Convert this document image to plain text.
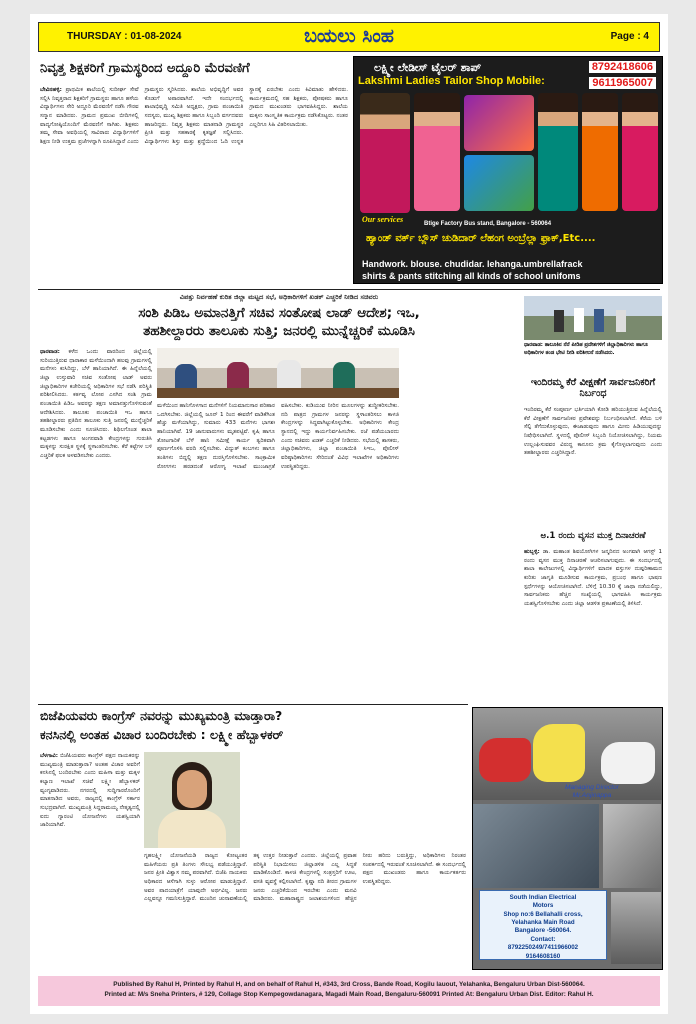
THURSDAY : 01-08-2024	ಬಯಲು ಸಿಂಹ	Page : 4
ನಿವೃತ್ತ ಶಿಕ್ಷಕರಿಗೆ ಗ್ರಾಮಸ್ಥರಿಂದ ಅದ್ದೂರಿ ಮೆರವಣಿಗೆ
ಬೇವಿನಹಳ್ಳಿ: ಪ್ರಾಥಮಿಕ ಶಾಲೆಯಲ್ಲಿ ಸುದೀರ್ಘ ಸೇವೆ ಸಲ್ಲಿಸಿ ನಿವೃತ್ತರಾದ ಶಿಕ್ಷಕರಿಗೆ ಗ್ರಾಮಸ್ಥರು ಹಾಗೂ ಹಳೆಯ ವಿದ್ಯಾರ್ಥಿಗಳು ಸೇರಿ ಅದ್ದೂರಿ ಮೆರವಣಿಗೆ ನಡೆಸಿ ಗೌರವ ಸನ್ಮಾನ ಮಾಡಿದರು. ಗ್ರಾಮದ ಪ್ರಮುಖ ಬೀದಿಗಳಲ್ಲಿ ವಾದ್ಯಗೋಷ್ಠಿಯೊಂದಿಗೆ ಮೆರವಣಿಗೆ ಸಾಗಿತು. ಶಿಕ್ಷಕರು ತಮ್ಮ ಸೇವಾ ಅವಧಿಯಲ್ಲಿ ಸಾವಿರಾರು ವಿದ್ಯಾರ್ಥಿಗಳಿಗೆ ಶಿಕ್ಷಣ ನೀಡಿ ಉತ್ತಮ ಪ್ರಜೆಗಳನ್ನಾಗಿ ರೂಪಿಸಿದ್ದಾರೆ ಎಂದು ಗ್ರಾಮಸ್ಥರು ಸ್ಮರಿಸಿದರು. ಶಾಲೆಯ ಅಭಿವೃದ್ಧಿಗೆ ಅವರ ಕೊಡುಗೆ ಅಪಾರವಾಗಿದೆ. ಇದೇ ಸಂದರ್ಭದಲ್ಲಿ ಶಾಲಾಭಿವೃದ್ಧಿ ಸಮಿತಿ ಅಧ್ಯಕ್ಷರು, ಗ್ರಾಮ ಪಂಚಾಯಿತಿ ಸದಸ್ಯರು, ಮುಖ್ಯ ಶಿಕ್ಷಕರು ಹಾಗೂ ಸಿಬ್ಬಂದಿ ವರ್ಗದವರು ಹಾಜರಿದ್ದರು. ನಿವೃತ್ತ ಶಿಕ್ಷಕರು ಮಾತನಾಡಿ ಗ್ರಾಮಸ್ಥರ ಪ್ರೀತಿ ಮತ್ತು ಸಹಕಾರಕ್ಕೆ ಕೃತಜ್ಞತೆ ಸಲ್ಲಿಸಿದರು. ವಿದ್ಯಾರ್ಥಿಗಳು ಶಿಸ್ತು ಮತ್ತು ಶ್ರದ್ಧೆಯಿಂದ ಓದಿ ಉನ್ನತ ಸ್ಥಾನಕ್ಕೆ ಏರಬೇಕು ಎಂದು ಕಿವಿಮಾತು ಹೇಳಿದರು. ಕಾರ್ಯಕ್ರಮದಲ್ಲಿ ಸಹ ಶಿಕ್ಷಕರು, ಪೋಷಕರು ಹಾಗೂ ಗ್ರಾಮದ ಮುಖಂಡರು ಭಾಗವಹಿಸಿದ್ದರು. ಶಾಲೆಯ ಮಕ್ಕಳು ಸಾಂಸ್ಕೃತಿಕ ಕಾರ್ಯಕ್ರಮ ನಡೆಸಿಕೊಟ್ಟರು. ನಂತರ ಎಲ್ಲರಿಗೂ ಸಿಹಿ ವಿತರಿಸಲಾಯಿತು.
ಲಕ್ಷ್ಮೀ ಲೇಡೀಸ್ ಟೈಲರ್ ಶಾಪ್
Lakshmi Ladies Tailor Shop Mobile:
8792418606
9611965007
Our services	Btige Factory Bus stand, Bangalore - 560064
ಹ್ಯಾಂಡ್ ವರ್ಕ್ ಬ್ಲೌಸ್ ಚುಡಿದಾರ್ ಲೆಹಂಗ ಅಂಬ್ರೆಲ್ಲಾ ಫ್ರಾಕ್,Etc....
Handwork. blouse. chudidar. lehanga.umbrellafrack
shirts & pants stitching all kinds of school unifoms
ವಿಪತ್ತು ನಿರ್ವಹಣೆ ಕುರಿತ ಜಿಲ್ಲಾ ಮಟ್ಟದ ಸಭೆ, ಅಧಿಕಾರಿಗಳಿಗೆ ಖಡಕ್ ಎಚ್ಚರಿಕೆ ನೀಡಿದ ಸಚಿವರು
ಸಂಶಿ ಪಿಡಿಒ ಅಮಾನತ್ತಿಗೆ ಸಚಿವ ಸಂತೋಷ ಲಾಡ್ ಆದೇಶ; ಇಒ,
ತಹಶೀಲ್ದಾರರು ತಾಲೂಕು ಸುತ್ತಿ; ಜನರಲ್ಲಿ ಮುನ್ನೆಚ್ಚರಿಕೆ ಮೂಡಿಸಿ
ಧಾರವಾಡ: ಕಳೆದ ಒಂದು ವಾರದಿಂದ ಜಿಲ್ಲೆಯಲ್ಲಿ ಸುರಿಯುತ್ತಿರುವ ಧಾರಾಕಾರ ಮಳೆಯಿಂದಾಗಿ ಹಲವು ಗ್ರಾಮಗಳಲ್ಲಿ ಮನೆಗಳು ಕುಸಿದಿದ್ದು, ಬೆಳೆ ಹಾನಿಯಾಗಿದೆ. ಈ ಹಿನ್ನೆಲೆಯಲ್ಲಿ ಜಿಲ್ಲಾ ಉಸ್ತುವಾರಿ ಸಚಿವ ಸಂತೋಷ ಲಾಡ್ ಅವರು ಜಿಲ್ಲಾಧಿಕಾರಿಗಳ ಕಚೇರಿಯಲ್ಲಿ ಅಧಿಕಾರಿಗಳ ಸಭೆ ನಡೆಸಿ ಪರಿಸ್ಥಿತಿ ಪರಿಶೀಲಿಸಿದರು. ಕರ್ತವ್ಯ ಲೋಪ ಎಸಗಿದ ಸಂಶಿ ಗ್ರಾಮ ಪಂಚಾಯಿತಿ ಪಿಡಿಒ ಅವರನ್ನು ತಕ್ಷಣ ಅಮಾನತ್ತುಗೊಳಿಸುವಂತೆ ಆದೇಶಿಸಿದರು. ತಾಲೂಕು ಪಂಚಾಯಿತಿ ಇಒ ಹಾಗೂ ತಹಶೀಲ್ದಾರರು ಪ್ರತಿದಿನ ತಾಲೂಕು ಸುತ್ತಿ ಜನರಲ್ಲಿ ಮುನ್ನೆಚ್ಚರಿಕೆ ಮೂಡಿಸಬೇಕು ಎಂದು ಸೂಚಿಸಿದರು. ಶಿಥಿಲಗೊಂಡ ಶಾಲಾ ಕಟ್ಟಡಗಳು ಹಾಗೂ ಅಂಗನವಾಡಿ ಕೇಂದ್ರಗಳನ್ನು ಗುರುತಿಸಿ ಮಕ್ಕಳನ್ನು ಸುರಕ್ಷಿತ ಸ್ಥಳಕ್ಕೆ ಸ್ಥಳಾಂತರಿಸಬೇಕು. ಕೆರೆ ಕಟ್ಟೆಗಳ ಬಳಿ ಎಚ್ಚರಿಕೆ ಫಲಕ ಅಳವಡಿಸಬೇಕು ಎಂದರು.
ಮಳೆಯಿಂದ ಹಾನಿಗೊಳಗಾದ ಮನೆಗಳಿಗೆ ನಿಯಮಾನುಸಾರ ಪರಿಹಾರ ಒದಗಿಸಬೇಕು. ಜಿಲ್ಲೆಯಲ್ಲಿ ಜೂನ್ 1 ರಿಂದ ಈವರೆಗೆ ವಾಡಿಕೆಗಿಂತ ಹೆಚ್ಚು ಮಳೆಯಾಗಿದ್ದು, ಸುಮಾರು 433 ಮನೆಗಳು ಭಾಗಶಃ ಹಾನಿಯಾಗಿವೆ. 19 ಜಾನುವಾರುಗಳು ಮೃತಪಟ್ಟಿವೆ. ಕೃಷಿ ಹಾಗೂ ತೋಟಗಾರಿಕೆ ಬೆಳೆ ಹಾನಿ ಸಮೀಕ್ಷೆ ಕಾರ್ಯ ತ್ವರಿತವಾಗಿ ಪೂರ್ಣಗೊಳಿಸಿ ವರದಿ ಸಲ್ಲಿಸಬೇಕು. ವಿದ್ಯುತ್ ಕಂಬಗಳು ಹಾಗೂ ತಂತಿಗಳು ಬಿದ್ದಲ್ಲಿ ತಕ್ಷಣ ದುರಸ್ತಿಗೊಳಿಸಬೇಕು. ಸಾಂಕ್ರಾಮಿಕ ರೋಗಗಳು ಹರಡದಂತೆ ಆರೋಗ್ಯ ಇಲಾಖೆ ಮುಂಜಾಗ್ರತೆ ವಹಿಸಬೇಕು. ಕುಡಿಯುವ ನೀರಿನ ಮೂಲಗಳನ್ನು ಶುದ್ಧೀಕರಿಸಬೇಕು. ನದಿ ಪಾತ್ರದ ಗ್ರಾಮಗಳ ಜನರನ್ನು ಸ್ಥಳಾಂತರಿಸಲು ಕಾಳಜಿ ಕೇಂದ್ರಗಳನ್ನು ಸಿದ್ಧವಾಗಿಟ್ಟುಕೊಳ್ಳಬೇಕು. ಅಧಿಕಾರಿಗಳು ಕೇಂದ್ರ ಸ್ಥಾನದಲ್ಲಿ ಇದ್ದು ಕಾರ್ಯನಿರ್ವಹಿಸಬೇಕು. ರಜೆ ಪಡೆಯಬಾರದು ಎಂದು ಸಚಿವರು ಖಡಕ್ ಎಚ್ಚರಿಕೆ ನೀಡಿದರು. ಸಭೆಯಲ್ಲಿ ಶಾಸಕರು, ಜಿಲ್ಲಾಧಿಕಾರಿಗಳು, ಜಿಲ್ಲಾ ಪಂಚಾಯಿತಿ ಸಿಇಒ, ಪೊಲೀಸ್ ವರಿಷ್ಠಾಧಿಕಾರಿಗಳು ಸೇರಿದಂತೆ ವಿವಿಧ ಇಲಾಖೆಗಳ ಅಧಿಕಾರಿಗಳು ಉಪಸ್ಥಿತರಿದ್ದರು.
ಧಾರವಾಡ: ತಾಲೂಕಿನ ನೆರೆ ಪೀಡಿತ ಪ್ರದೇಶಗಳಿಗೆ ಜಿಲ್ಲಾಧಿಕಾರಿಗಳು ಹಾಗೂ ಅಧಿಕಾರಿಗಳ ತಂಡ ಭೇಟಿ ನೀಡಿ ಪರಿಶೀಲನೆ ನಡೆಸಿದರು.
ಇಂದಿರಮ್ಮ ಕೆರೆ ವೀಕ್ಷಣೆಗೆ ಸಾರ್ವಜನಿಕರಿಗೆ ನಿರ್ಬಂಧ
ಇಂದಿರಮ್ಮ ಕೆರೆ ಸಂಪೂರ್ಣ ಭರ್ತಿಯಾಗಿ ಕೋಡಿ ಹರಿಯುತ್ತಿರುವ ಹಿನ್ನೆಲೆಯಲ್ಲಿ ಕೆರೆ ವೀಕ್ಷಣೆಗೆ ಸಾರ್ವಜನಿಕರ ಪ್ರವೇಶವನ್ನು ನಿರ್ಬಂಧಿಸಲಾಗಿದೆ. ಕೆರೆಯ ಬಳಿ ಸೆಲ್ಫಿ ತೆಗೆದುಕೊಳ್ಳುವುದು, ಈಜಾಡುವುದು ಹಾಗೂ ಮೀನು ಹಿಡಿಯುವುದನ್ನು ನಿಷೇಧಿಸಲಾಗಿದೆ. ಸ್ಥಳದಲ್ಲಿ ಪೊಲೀಸ್ ಸಿಬ್ಬಂದಿ ನಿಯೋಜಿಸಲಾಗಿದ್ದು, ನಿಯಮ ಉಲ್ಲಂಘಿಸುವವರ ವಿರುದ್ಧ ಕಾನೂನು ಕ್ರಮ ಕೈಗೊಳ್ಳಲಾಗುವುದು ಎಂದು ತಹಶೀಲ್ದಾರರು ಎಚ್ಚರಿಸಿದ್ದಾರೆ.
ಅ.1 ರಂದು ವ್ಯಸನ ಮುಕ್ತ ದಿನಾಚರಣೆ
ಹುಬ್ಬಳ್ಳಿ: ಡಾ. ಮಹಾಂತ ಶಿವಯೋಗಿಗಳ ಜನ್ಮದಿನದ ಅಂಗವಾಗಿ ಆಗಸ್ಟ್ 1 ರಂದು ವ್ಯಸನ ಮುಕ್ತ ದಿನಾಚರಣೆ ಆಚರಿಸಲಾಗುವುದು. ಈ ಸಂದರ್ಭದಲ್ಲಿ ಶಾಲಾ ಕಾಲೇಜುಗಳಲ್ಲಿ ವಿದ್ಯಾರ್ಥಿಗಳಿಗೆ ಮಾದಕ ವಸ್ತುಗಳ ದುಷ್ಪರಿಣಾಮದ ಕುರಿತು ಜಾಗೃತಿ ಮೂಡಿಸುವ ಕಾರ್ಯಕ್ರಮ, ಪ್ರಬಂಧ ಹಾಗೂ ಭಾಷಣ ಸ್ಪರ್ಧೆಗಳನ್ನು ಆಯೋಜಿಸಲಾಗಿದೆ. ಬೆಳಿಗ್ಗೆ 10.30 ಕ್ಕೆ ಜಾಥಾ ನಡೆಯಲಿದ್ದು, ಸಾರ್ವಜನಿಕರು ಹೆಚ್ಚಿನ ಸಂಖ್ಯೆಯಲ್ಲಿ ಭಾಗವಹಿಸಿ ಕಾರ್ಯಕ್ರಮ ಯಶಸ್ವಿಗೊಳಿಸಬೇಕು ಎಂದು ಜಿಲ್ಲಾ ಆಡಳಿತ ಪ್ರಕಟಣೆಯಲ್ಲಿ ತಿಳಿಸಿದೆ.
ಬಿಜೆಪಿಯವರು ಕಾಂಗ್ರೆಸ್ ನವರನ್ನು ಮುಖ್ಯಮಂತ್ರಿ ಮಾಡ್ತಾರಾ?
ಕನಸಿನಲ್ಲಿ ಅಂತಹ ವಿಚಾರ ಬಂದಿರಬೇಕು : ಲಕ್ಷ್ಮೀ ಹೆಬ್ಬಾಳಕರ್
ಬೆಳಗಾವಿ: ಬಿಜೆಪಿಯವರು ಕಾಂಗ್ರೆಸ್ ಪಕ್ಷದ ನಾಯಕರನ್ನು ಮುಖ್ಯಮಂತ್ರಿ ಮಾಡುತ್ತಾರಾ? ಅಂತಹ ವಿಚಾರ ಅವರಿಗೆ ಕನಸಿನಲ್ಲಿ ಬಂದಿರಬೇಕು ಎಂದು ಮಹಿಳಾ ಮತ್ತು ಮಕ್ಕಳ ಕಲ್ಯಾಣ ಇಲಾಖೆ ಸಚಿವೆ ಲಕ್ಷ್ಮೀ ಹೆಬ್ಬಾಳಕರ್ ವ್ಯಂಗ್ಯವಾಡಿದರು. ನಗರದಲ್ಲಿ ಸುದ್ದಿಗಾರರೊಂದಿಗೆ ಮಾತನಾಡಿದ ಅವರು, ರಾಜ್ಯದಲ್ಲಿ ಕಾಂಗ್ರೆಸ್ ಸರ್ಕಾರ ಸುಭದ್ರವಾಗಿದೆ. ಮುಖ್ಯಮಂತ್ರಿ ಸಿದ್ದರಾಮಯ್ಯ ನೇತೃತ್ವದಲ್ಲಿ ಐದು ಗ್ಯಾರಂಟಿ ಯೋಜನೆಗಳು ಯಶಸ್ವಿಯಾಗಿ ಜಾರಿಯಾಗಿವೆ.
ಗೃಹಲಕ್ಷ್ಮೀ ಯೋಜನೆಯಡಿ ರಾಜ್ಯದ ಕೋಟ್ಯಂತರ ಮಹಿಳೆಯರು ಪ್ರತಿ ತಿಂಗಳು ಸೌಲಭ್ಯ ಪಡೆಯುತ್ತಿದ್ದಾರೆ. ಜನರ ಪ್ರೀತಿ ವಿಶ್ವಾಸ ನಮ್ಮ ಪರವಾಗಿದೆ. ಬಿಜೆಪಿ ನಾಯಕರು ಅಧಿಕಾರದ ಆಸೆಗಾಗಿ ಸುಳ್ಳು ಆರೋಪ ಮಾಡುತ್ತಿದ್ದಾರೆ. ಅವರ ಪಾದಯಾತ್ರೆಗೆ ಯಾವುದೇ ಅರ್ಥವಿಲ್ಲ. ಜನರು ಎಲ್ಲವನ್ನೂ ಗಮನಿಸುತ್ತಿದ್ದಾರೆ. ಮುಂದಿನ ಚುನಾವಣೆಯಲ್ಲಿ ತಕ್ಕ ಉತ್ತರ ನೀಡುತ್ತಾರೆ ಎಂದರು. ಜಿಲ್ಲೆಯಲ್ಲಿ ಪ್ರವಾಹ ಪರಿಸ್ಥಿತಿ ನಿಭಾಯಿಸಲು ಜಿಲ್ಲಾಡಳಿತ ಎಲ್ಲ ಸಿದ್ಧತೆ ಮಾಡಿಕೊಂಡಿದೆ. ಕಾಳಜಿ ಕೇಂದ್ರಗಳಲ್ಲಿ ಸಂತ್ರಸ್ತರಿಗೆ ಊಟ, ವಸತಿ ವ್ಯವಸ್ಥೆ ಕಲ್ಪಿಸಲಾಗಿದೆ. ಕೃಷ್ಣಾ ನದಿ ತೀರದ ಗ್ರಾಮಗಳ ಜನರು ಎಚ್ಚರಿಕೆಯಿಂದ ಇರಬೇಕು ಎಂದು ಮನವಿ ಮಾಡಿದರು. ಮಹಾರಾಷ್ಟ್ರದ ಜಲಾಶಯಗಳಿಂದ ಹೆಚ್ಚಿನ ನೀರು ಹರಿದು ಬರುತ್ತಿದ್ದು, ಅಧಿಕಾರಿಗಳು ನಿರಂತರ ಸಂಪರ್ಕದಲ್ಲಿ ಇರುವಂತೆ ಸೂಚಿಸಲಾಗಿದೆ. ಈ ಸಂದರ್ಭದಲ್ಲಿ ಪಕ್ಷದ ಮುಖಂಡರು ಹಾಗೂ ಕಾರ್ಯಕರ್ತರು ಉಪಸ್ಥಿತರಿದ್ದರು.
Managing Director
Mr.Anjinappa
South Indian Electrical
Motors
Shop no:6 Bellahalli cross,
Yelahanka Main Road
Bangalore -560064.
Contact:
8792250249/7411966002
9164608160
Published By Rahul H, Printed by Rahul H, and on behalf of Rahul H, #343, 3rd Cross, Bande Road, Kogilu lauout, Yelahanka, Bengaluru Urban Dist-560064.
Printed at: M/s Sneha Printers, # 129, Collage Stop Kempegowdanagara, Magadi Main Road, Bengaluru-560091 Printed At: Bengaluru Urban Dist. Editor: Rahul H.
